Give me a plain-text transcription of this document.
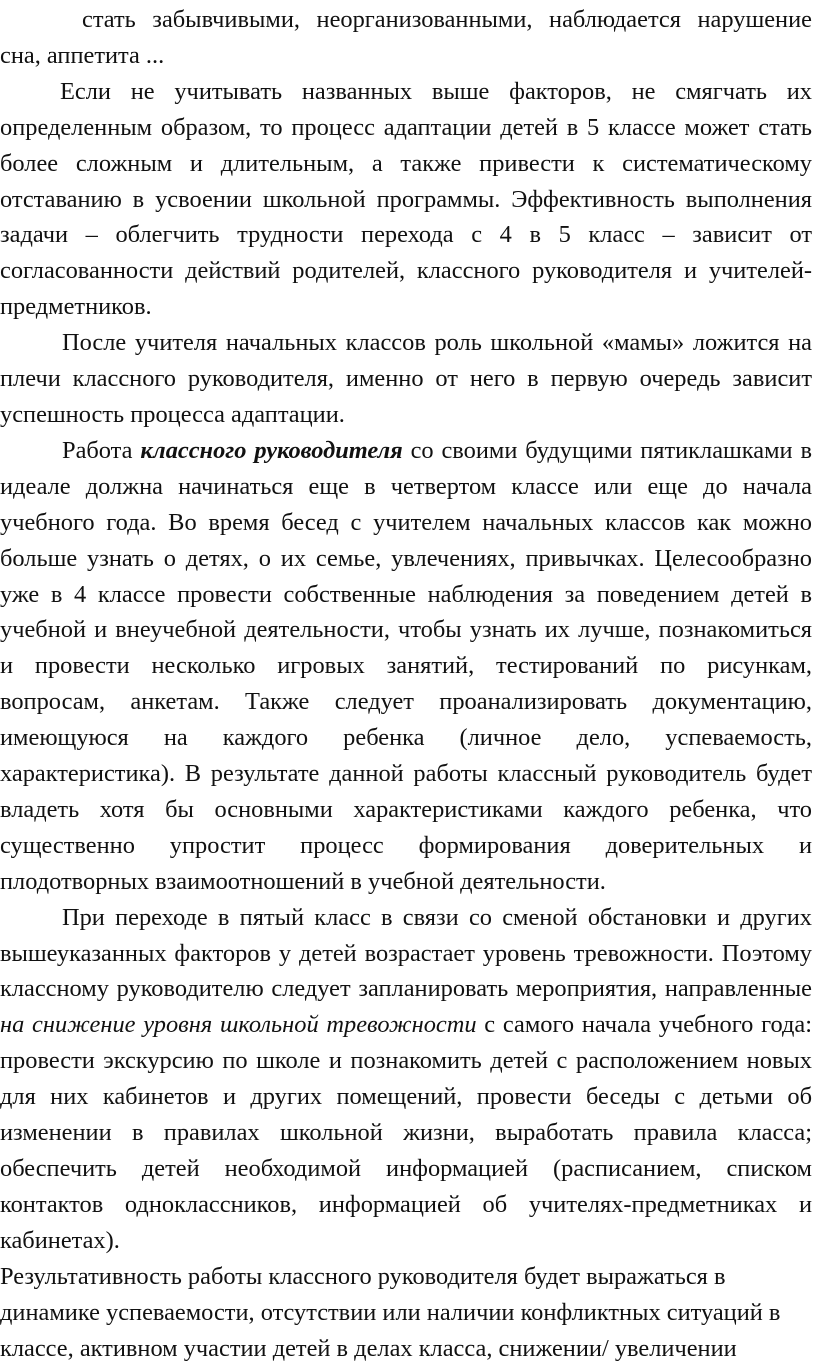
стать забывчивыми, неорганизованными, наблюдается нарушение сна, аппетита ...

Если не учитывать названных выше факторов, не смягчать их определенным образом, то процесс адаптации детей в 5 классе может стать более сложным и длительным, а также привести к систематическому отставанию в усвоении школьной программы. Эффективность выполнения задачи – облегчить трудности перехода с 4 в 5 класс – зависит от согласованности действий родителей, классного руководителя и учителей-предметников.

После учителя начальных классов роль школьной «мамы» ложится на плечи классного руководителя, именно от него в первую очередь зависит успешность процесса адаптации.

Работа классного руководителя со своими будущими пятиклашками в идеале должна начинаться еще в четвертом классе или еще до начала учебного года. Во время бесед с учителем начальных классов как можно больше узнать о детях, о их семье, увлечениях, привычках. Целесообразно уже в 4 классе провести собственные наблюдения за поведением детей в учебной и внеучебной деятельности, чтобы узнать их лучше, познакомиться и провести несколько игровых занятий, тестирований по рисункам, вопросам, анкетам. Также следует проанализировать документацию, имеющуюся на каждого ребенка (личное дело, успеваемость, характеристика). В результате данной работы классный руководитель будет владеть хотя бы основными характеристиками каждого ребенка, что существенно упростит процесс формирования доверительных и плодотворных взаимоотношений в учебной деятельности.

При переходе в пятый класс в связи со сменой обстановки и других вышеуказанных факторов у детей возрастает уровень тревожности. Поэтому классному руководителю следует запланировать мероприятия, направленные на снижение уровня школьной тревожности с самого начала учебного года: провести экскурсию по школе и познакомить детей с расположением новых для них кабинетов и других помещений, провести беседы с детьми об изменении в правилах школьной жизни, выработать правила класса; обеспечить детей необходимой информацией (расписанием, списком контактов одноклассников, информацией об учителях-предметниках и кабинетах).

Результативность работы классного руководителя будет выражаться в динамике успеваемости, отсутствии или наличии конфликтных ситуаций в классе, активном участии детей в делах класса, снижении/ увеличении
